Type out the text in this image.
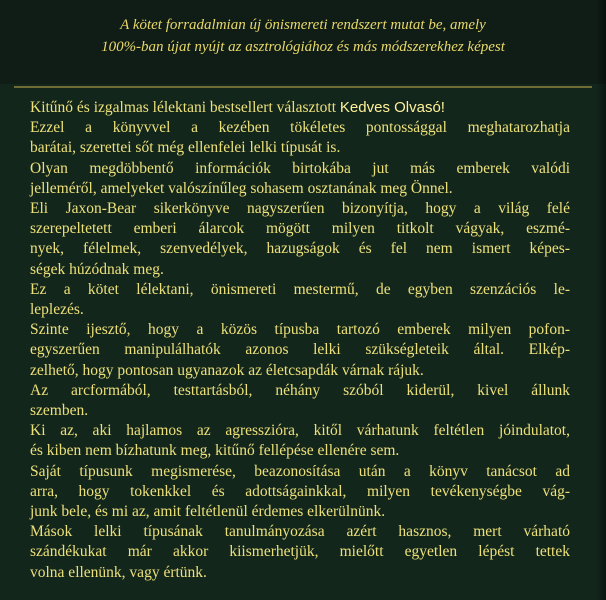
A kötet forradalmian új önismereti rendszert mutat be, amely
100%-ban újat nyújt az asztrológiához és más módszerekhez képest
Kitűnő és izgalmas lélektani bestsellert választott Kedves Olvasó!
Ezzel a könyvvel a kezében tökéletes pontossággal meghatarozhatja
barátai, szerettei sőt még ellenfelei lelki típusát is.
Olyan megdöbbentő információk birtokába jut más emberek valódi
jelleméről, amelyeket valószínűleg sohasem osztanának meg Önnel.
Eli Jaxon-Bear sikerkönyve nagyszerűen bizonyítja, hogy a világ felé
szerepeltetett emberi álarcok mögött milyen titkolt vágyak, eszmé-
nyek, félelmek, szenvedélyek, hazugságok és fel nem ismert képes-
ségek húzódnak meg.
Ez a kötet lélektani, önismereti mestermű, de egyben szenzációs le-
leplezés.
Szinte ijesztő, hogy a közös típusba tartozó emberek milyen pofon-
egyszerűen manipulálhatók azonos lelki szükségleteik által. Elkép-
zelhető, hogy pontosan ugyanazok az életcsapdák várnak rájuk.
Az arcformából, testtartásból, néhány szóból kiderül, kivel állunk
szemben.
Ki az, aki hajlamos az agresszióra, kitől várhatunk feltétlen jóindulatot,
és kiben nem bízhatunk meg, kitűnő fellépése ellenére sem.
Saját típusunk megismerése, beazonosítása után a könyv tanácsot ad
arra, hogy tokenkkel és adottságainkkal, milyen tevékenységbe vág-
junk bele, és mi az, amit feltétlenül érdemes elkerülnünk.
Mások lelki típusának tanulmányozása azért hasznos, mert várható
szándékukat már akkor kiismerhetjük, mielőtt egyetlen lépést tettek
volna ellenünk, vagy értünk.
